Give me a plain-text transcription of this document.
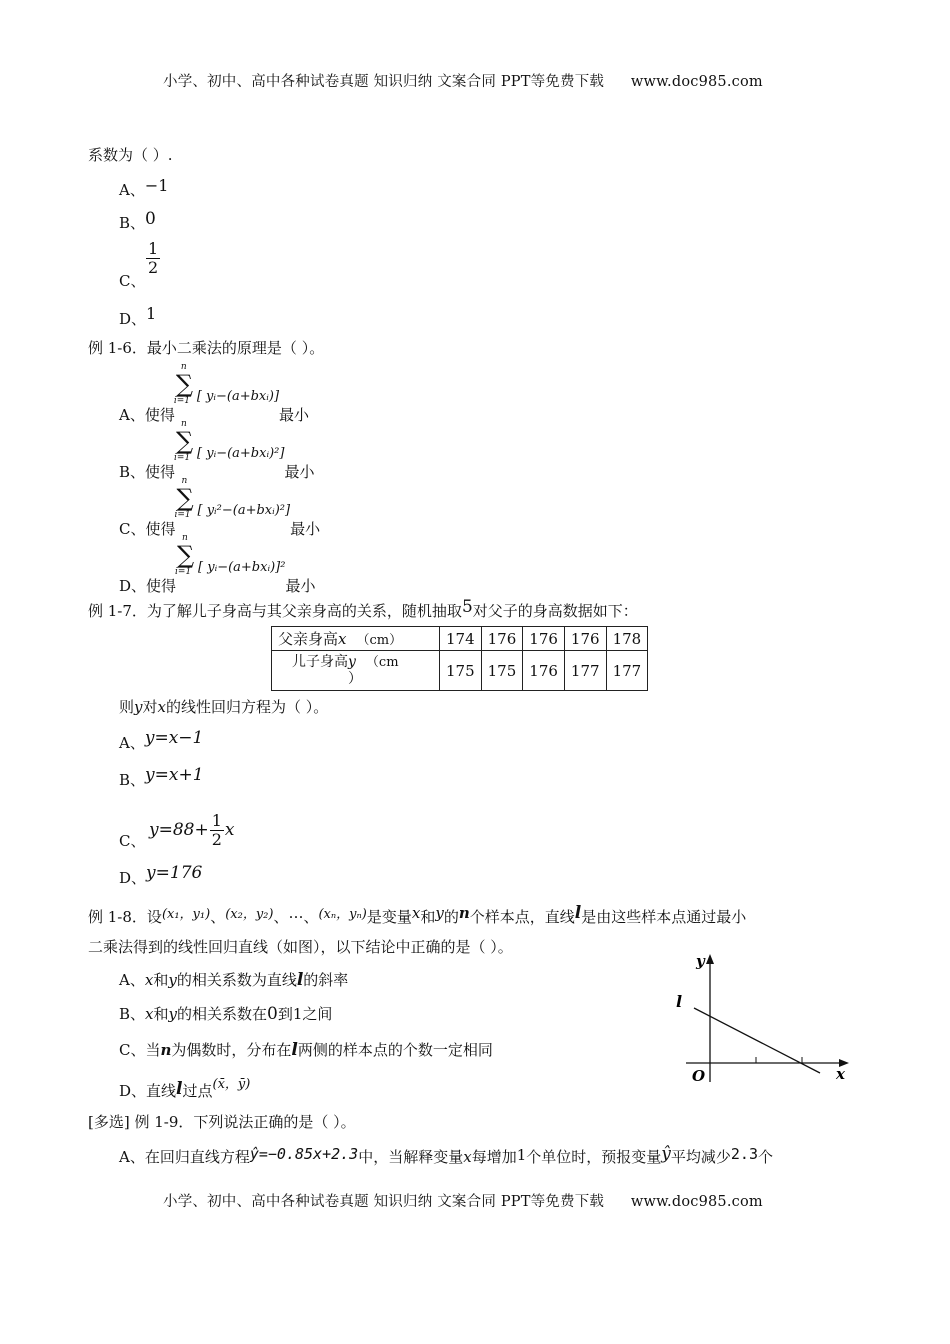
小学、初中、高中各种试卷真题 知识归纳 文案合同 PPT等免费下载 www.doc985.com
系数为（ ）.
A、−1
B、0
C、
$\frac{1}{2}$
D、1
例 1-6．最小二乘法的原理是（ ）。
A、使得
n
∑
i=1 [ yᵢ−(a+bxᵢ)]最小
B、使得
n
∑
i=1 [ yᵢ−(a+bxᵢ)²]最小
C、使得
n
∑
i=1 [ yᵢ²−(a+bxᵢ)²]最小
D、使得
n
∑
i=1 [ yᵢ−(a+bxᵢ)]²最小
例 1-7．为了解儿子身高与其父亲身高的关系，随机抽取5对父子的身高数据如下：
父亲身高x （cm）	174	176	176	176	178
儿子身高y （cm
）	175	175	176	177	177
则y对x的线性回归方程为（ ）。
A、y=x−1
B、y=x+1
C、
$y=88+ \frac{1}{2}$ x
D、y=176
例 1-8．设(x₁，y₁)、(x₂，y₂)、…、(xₙ，yₙ)是变量x和y的n个样本点，直线l是由这些样本点通过最小
二乘法得到的线性回归直线（如图），以下结论中正确的是（ ）。
A、x和y的相关系数为直线l的斜率
B、x和y的相关系数在0到1之间
C、当n为偶数时，分布在l两侧的样本点的个数一定相同
D、直线l过点(x̄，ȳ)
y
x
O
l
[多选] 例 1-9．下列说法正确的是（ ）。
A、在回归直线方程ŷ=−0.85x+2.3中，当解释变量x每增加1个单位时，预报变量ŷ平均减少2.3个
小学、初中、高中各种试卷真题 知识归纳 文案合同 PPT等免费下载 www.doc985.com
